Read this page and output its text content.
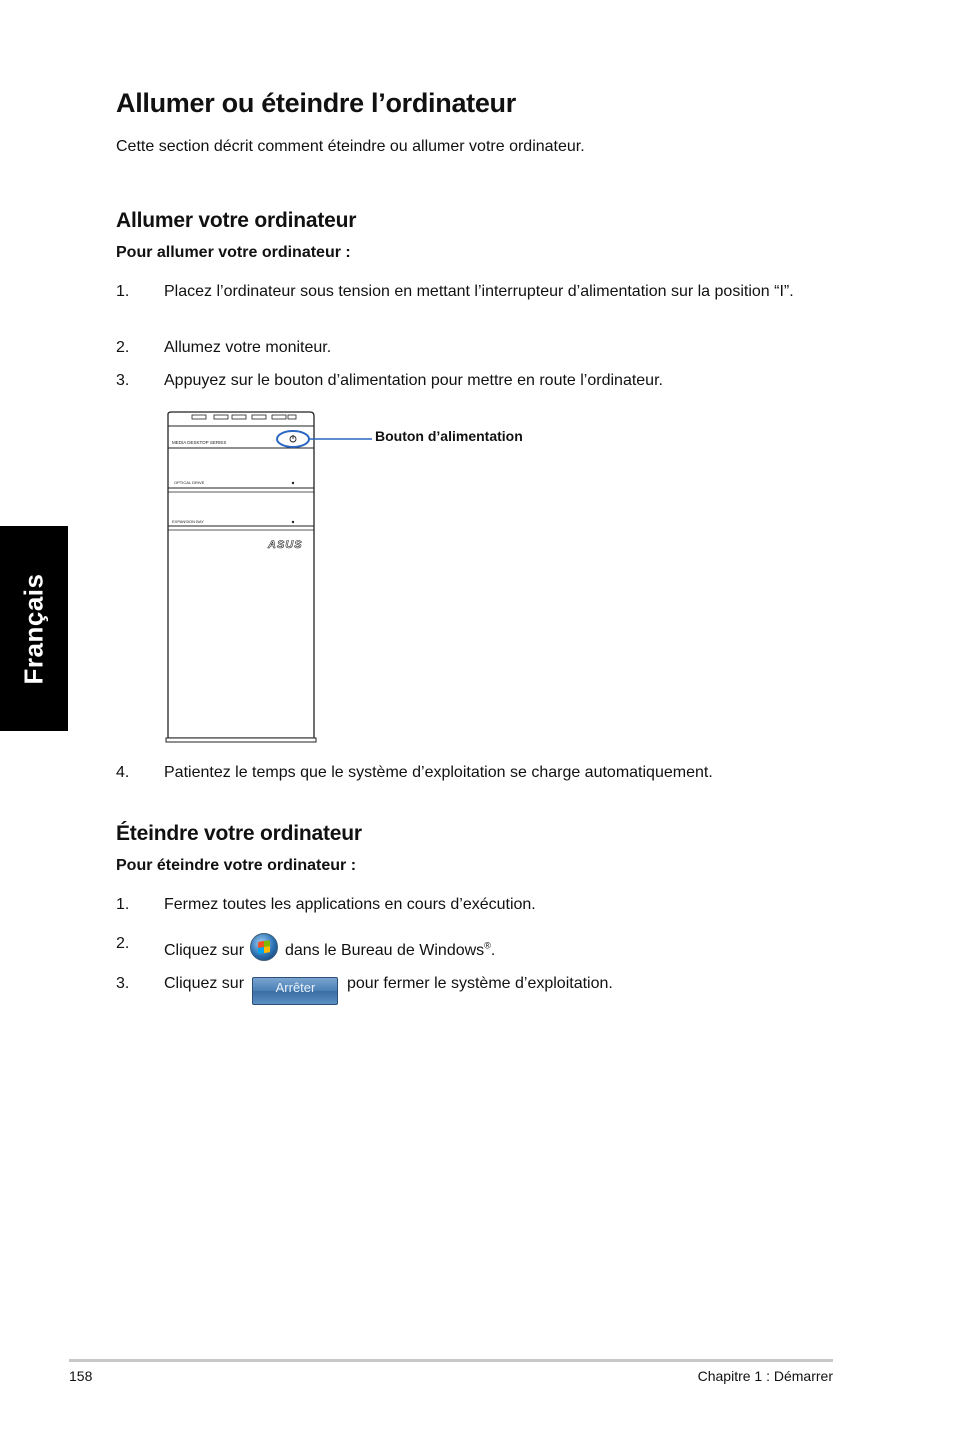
Allumer ou éteindre l’ordinateur
Cette section décrit comment éteindre ou allumer votre ordinateur.
Allumer votre ordinateur
Pour allumer votre ordinateur :
1. Placez l’ordinateur sous tension en mettant l’interrupteur d’alimentation sur la position “I”.
2. Allumez votre moniteur.
3. Appuyez sur le bouton d’alimentation pour mettre en route l’ordinateur.
MEDIA DESKTOP SERIES
OPTICAL DRIVE
EXPANSION BAY
ASUS
Bouton d’alimentation
4. Patientez le temps que le système d’exploitation se charge automatiquement.
Éteindre votre ordinateur
Pour éteindre votre ordinateur :
1. Fermez toutes les applications en cours d’exécution.
2. Cliquez sur	dans le Bureau de Windows®.
3. Cliquez sur Arrêter pour fermer le système d’exploitation.
Français
158	Chapitre 1 : Démarrer
